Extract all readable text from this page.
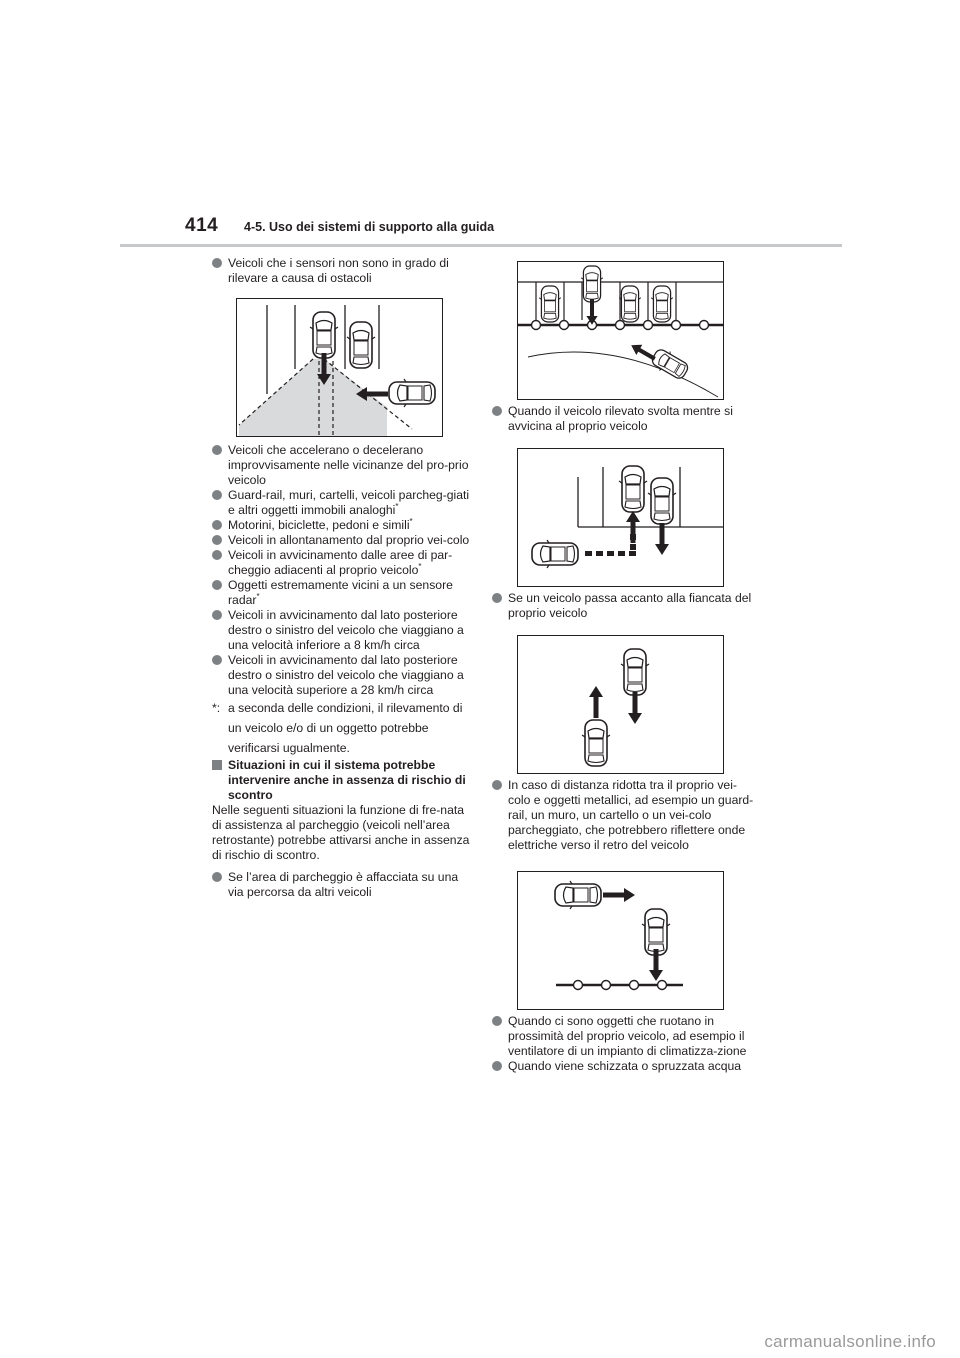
414 4-5. Uso dei sistemi di supporto alla guida

Veicoli che i sensori non sono in grado di rilevare a causa di ostacoli

Veicoli che accelerano o decelerano improvvisamente nelle vicinanze del pro-prio veicolo

Guard-rail, muri, cartelli, veicoli parcheg-giati e altri oggetti immobili analoghi*

Motorini, biciclette, pedoni e simili*

Veicoli in allontanamento dal proprio vei-colo

Veicoli in avvicinamento dalle aree di par-cheggio adiacenti al proprio veicolo*

Oggetti estremamente vicini a un sensore radar*

Veicoli in avvicinamento dal lato posteriore destro o sinistro del veicolo che viaggiano a una velocità inferiore a 8 km/h circa

Veicoli in avvicinamento dal lato posteriore destro o sinistro del veicolo che viaggiano a una velocità superiore a 28 km/h circa

*: a seconda delle condizioni, il rilevamento di un veicolo e/o di un oggetto potrebbe verificarsi ugualmente.

Situazioni in cui il sistema potrebbe intervenire anche in assenza di rischio di scontro

Nelle seguenti situazioni la funzione di fre-nata di assistenza al parcheggio (veicoli nell’area retrostante) potrebbe attivarsi anche in assenza di rischio di scontro.

Se l’area di parcheggio è affacciata su una via percorsa da altri veicoli

Quando il veicolo rilevato svolta mentre si avvicina al proprio veicolo

Se un veicolo passa accanto alla fiancata del proprio veicolo

In caso di distanza ridotta tra il proprio vei-colo e oggetti metallici, ad esempio un guard-rail, un muro, un cartello o un vei-colo parcheggiato, che potrebbero riflettere onde elettriche verso il retro del veicolo

Quando ci sono oggetti che ruotano in prossimità del proprio veicolo, ad esempio il ventilatore di un impianto di climatizza-zione

Quando viene schizzata o spruzzata acqua

carmanualsonline.info
